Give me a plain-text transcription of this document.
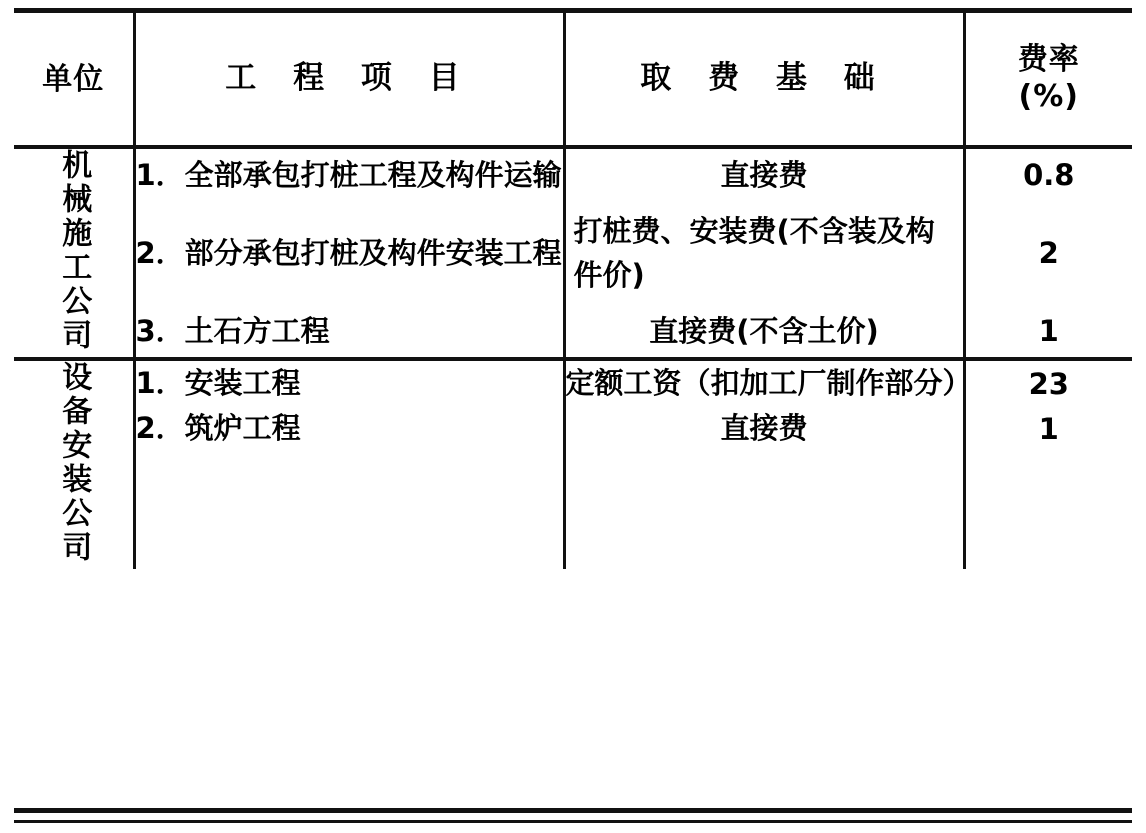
单位	工 程 项 目	取 费 基 础	费率
(%)

机械施工公司	1．全部承包打桩工程及构件运输	直接费	0.8
	2．部分承包打桩及构件安装工程	打桩费、安装费(不含装及构件价)	2
	3．土石方工程	直接费(不含土价)	1
设备安装公司	1．安装工程	定额工资（扣加工厂制作部分）	23
	2．筑炉工程	直接费	1
